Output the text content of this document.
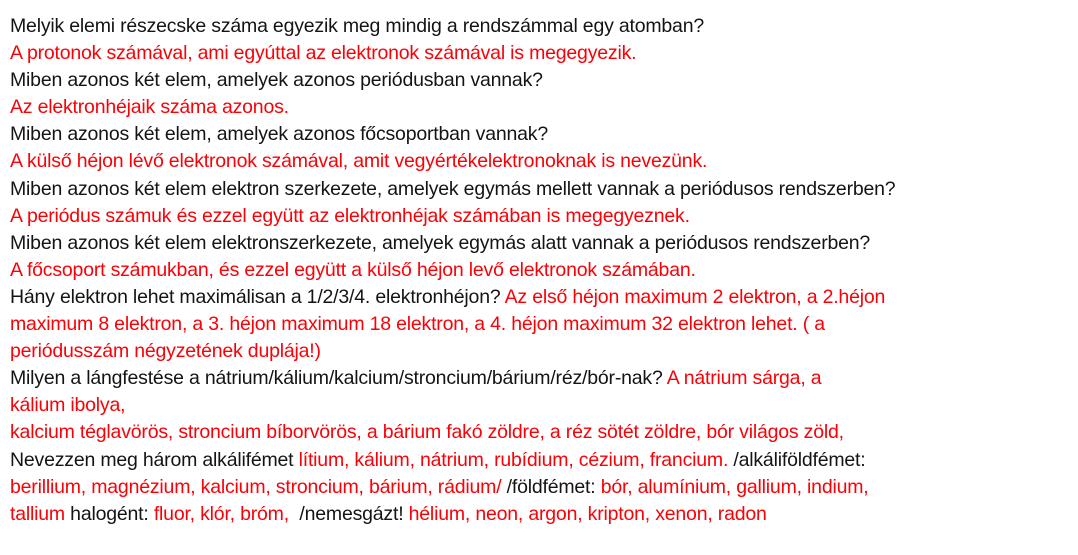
Melyik elemi részecske száma egyezik meg mindig a rendszámmal egy atomban?
A protonok számával, ami egyúttal az elektronok számával is megegyezik.
Miben azonos két elem, amelyek azonos periódusban vannak?
Az elektronhéjaik száma azonos.
Miben azonos két elem, amelyek azonos főcsoportban vannak?
A külső héjon lévő elektronok számával, amit vegyértékelektronoknak is nevezünk.
Miben azonos két elem elektron szerkezete, amelyek egymás mellett vannak a periódusos rendszerben?
A periódus számuk és ezzel együtt az elektronhéjak számában is megegyeznek.
Miben azonos két elem elektronszerkezete, amelyek egymás alatt vannak a periódusos rendszerben?
A főcsoport számukban, és ezzel együtt a külső héjon levő elektronok számában.
Hány elektron lehet maximálisan a 1/2/3/4. elektronhéjon? Az első héjon maximum 2 elektron, a 2.héjon
maximum 8 elektron, a 3. héjon maximum 18 elektron, a 4. héjon maximum 32 elektron lehet. ( a
periódusszám négyzetének duplája!)
Milyen a lángfestése a nátrium/kálium/kalcium/stroncium/bárium/réz/bór-nak? A nátrium sárga, a
kálium ibolya,
kalcium téglavörös, stroncium bíborvörös, a bárium fakó zöldre, a réz sötét zöldre, bór világos zöld,
Nevezzen meg három alkálifémet lítium, kálium, nátrium, rubídium, cézium, francium. /alkáliföldfémet:
berillium, magnézium, kalcium, stroncium, bárium, rádium/ /földfémet: bór, alumínium, gallium, indium,
tallium halogént: fluor, klór, bróm,  /nemesgázt! hélium, neon, argon, kripton, xenon, radon
